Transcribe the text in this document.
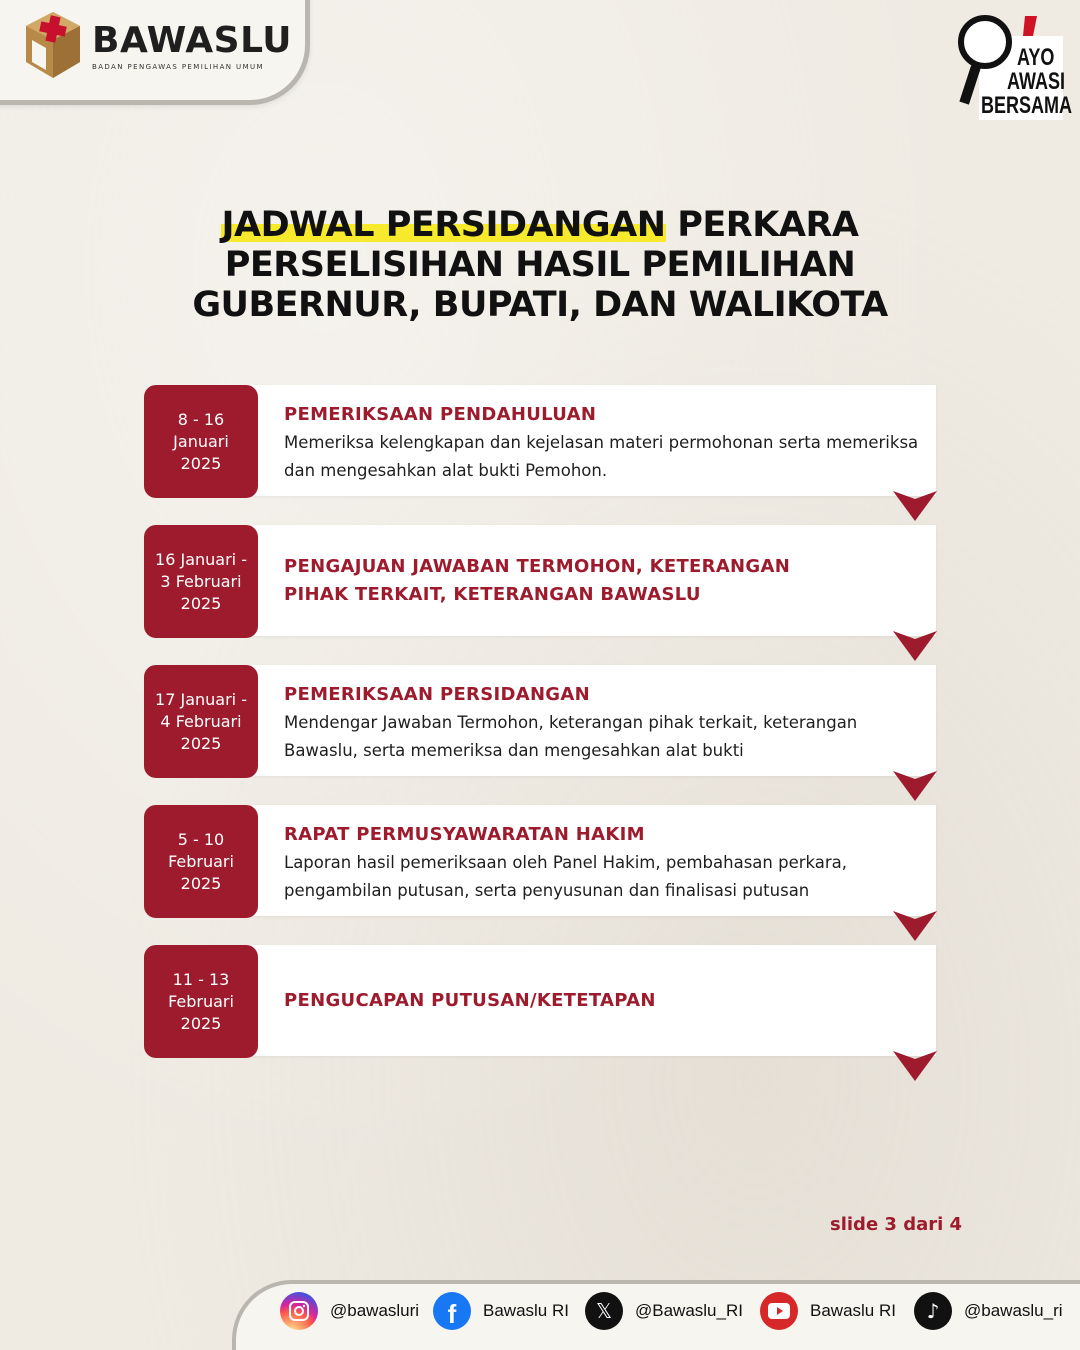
BAWASLU
BADAN PENGAWAS PEMILIHAN UMUM	AYO
AWASI
BERSAMA
JADWAL PERSIDANGAN PERKARA
PERSELISIHAN HASIL PEMILIHAN
GUBERNUR, BUPATI, DAN WALIKOTA
8 - 16
Januari
2025
PEMERIKSAAN PENDAHULUAN
Memeriksa kelengkapan dan kejelasan materi permohonan serta memeriksa dan mengesahkan alat bukti Pemohon.
16 Januari -
3 Februari
2025
PENGAJUAN JAWABAN TERMOHON, KETERANGAN PIHAK TERKAIT, KETERANGAN BAWASLU
17 Januari -
4 Februari
2025
PEMERIKSAAN PERSIDANGAN
Mendengar Jawaban Termohon, keterangan pihak terkait, keterangan Bawaslu, serta memeriksa dan mengesahkan alat bukti
5 - 10
Februari
2025
RAPAT PERMUSYAWARATAN HAKIM
Laporan hasil pemeriksaan oleh Panel Hakim, pembahasan perkara, pengambilan putusan, serta penyusunan dan finalisasi putusan
11 - 13
Februari
2025
PENGUCAPAN PUTUSAN/KETETAPAN
slide 3 dari 4
@bawasluri f Bawaslu RI 𝕏 @Bawaslu_RI	Bawaslu RI ♪ @bawaslu_ri
